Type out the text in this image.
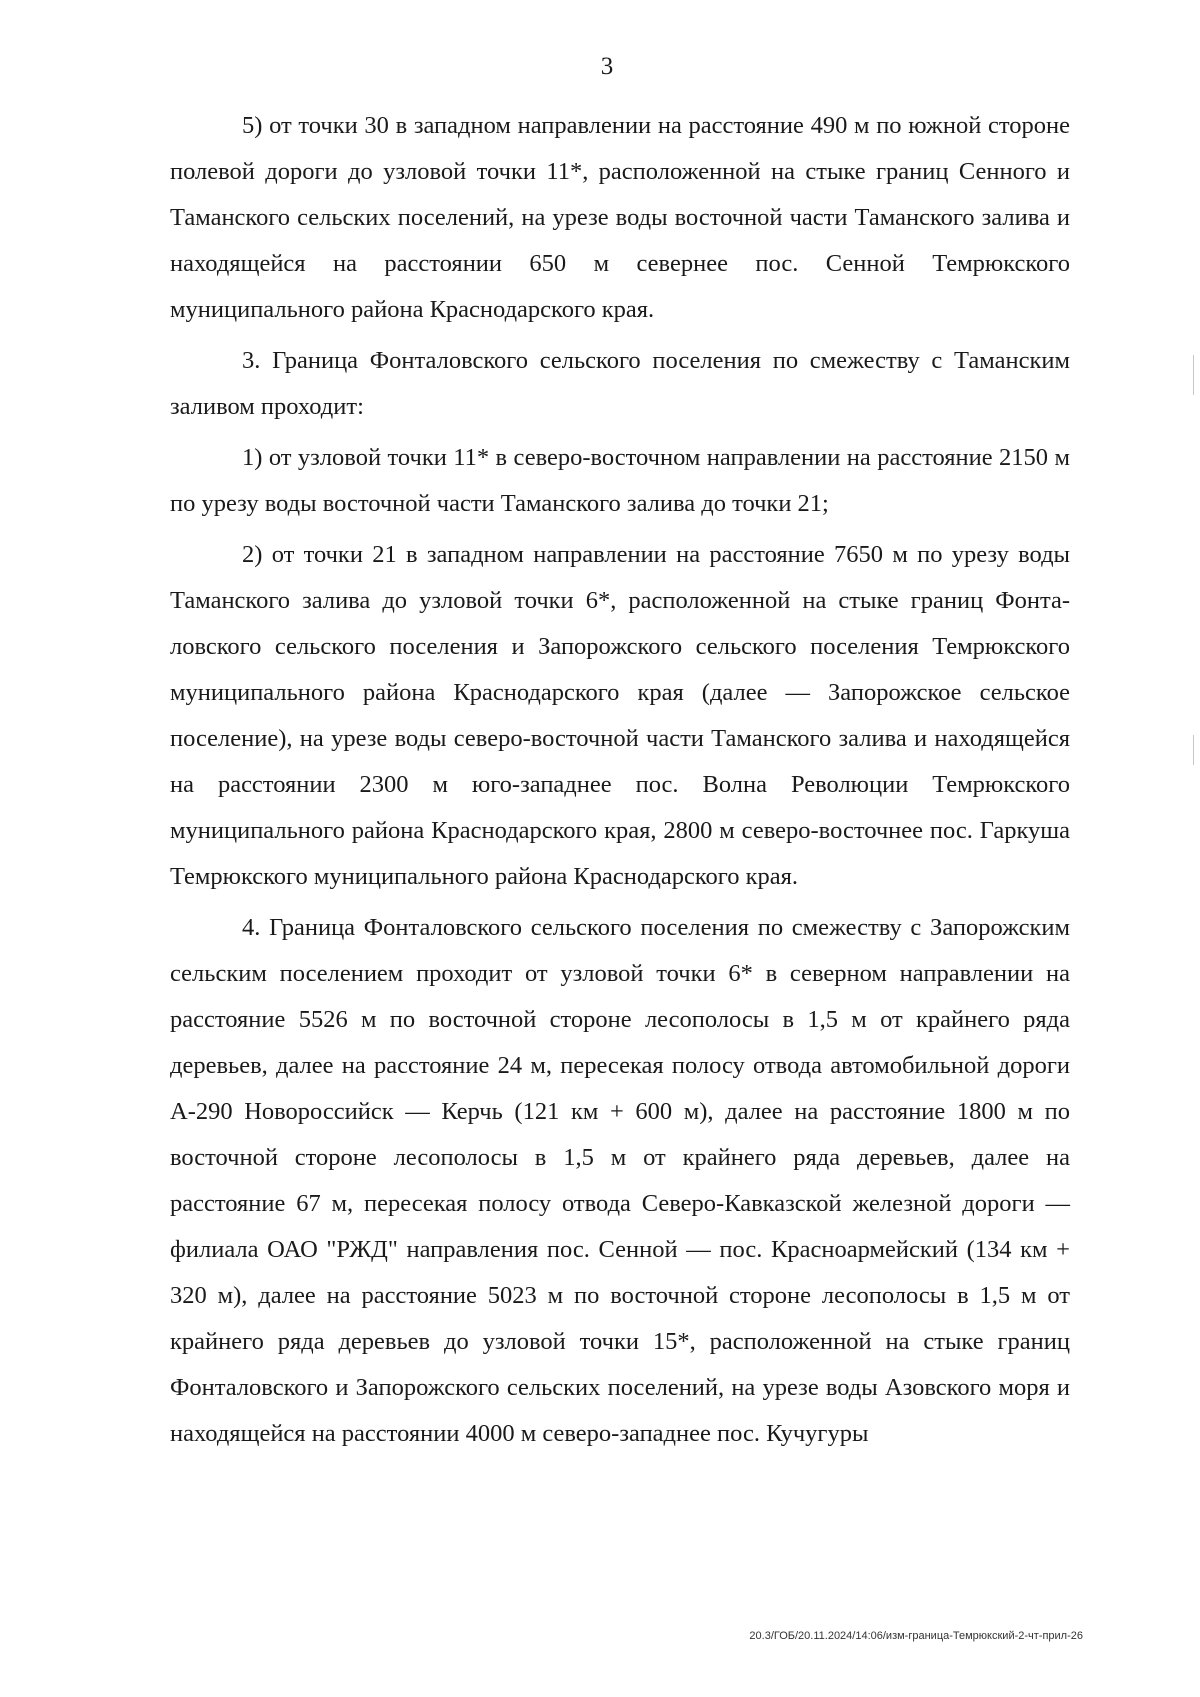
3

5) от точки 30 в западном направлении на расстояние 490 м по южной стороне полевой дороги до узловой точки 11*, расположенной на стыке границ Сенного и Таманского сельских поселений, на урезе воды восточной части Таманского залива и находящейся на расстоянии 650 м севернее пос. Сенной Темрюкского муниципального района Краснодарского края.

3. Граница Фонталовского сельского поселения по смежеству с Таманским заливом проходит:

1) от узловой точки 11* в северо-восточном направлении на расстояние 2150 м по урезу воды восточной части Таманского залива до точки 21;

2) от точки 21 в западном направлении на расстояние 7650 м по урезу воды Таманского залива до узловой точки 6*, расположенной на стыке границ Фонталовского сельского поселения и Запорожского сельского поселения Темрюкского муниципального района Краснодарского края (далее — Запорожское сельское поселение), на урезе воды северо-восточной части Таманского залива и находящейся на расстоянии 2300 м юго-западнее пос. Волна Революции Темрюкского муниципального района Краснодарского края, 2800 м северо-восточнее пос. Гаркуша Темрюкского муниципального района Краснодарского края.

4. Граница Фонталовского сельского поселения по смежеству с Запорожским сельским поселением проходит от узловой точки 6* в северном направлении на расстояние 5526 м по восточной стороне лесополосы в 1,5 м от крайнего ряда деревьев, далее на расстояние 24 м, пересекая полосу отвода автомобильной дороги А-290 Новороссийск — Керчь (121 км + 600 м), далее на расстояние 1800 м по восточной стороне лесополосы в 1,5 м от крайнего ряда деревьев, далее на расстояние 67 м, пересекая полосу отвода Северо-Кавказской железной дороги — филиала ОАО "РЖД" направления пос. Сенной — пос. Красноармейский (134 км + 320 м), далее на расстояние 5023 м по восточной стороне лесополосы в 1,5 м от крайнего ряда деревьев до узловой точки 15*, расположенной на стыке границ Фонталовского и Запорожского сельских поселений, на урезе воды Азовского моря и находящейся на расстоянии 4000 м северо-западнее пос. Кучугуры

20.3/ГОБ/20.11.2024/14:06/изм-граница-Темрюкский-2-чт-прил-26
